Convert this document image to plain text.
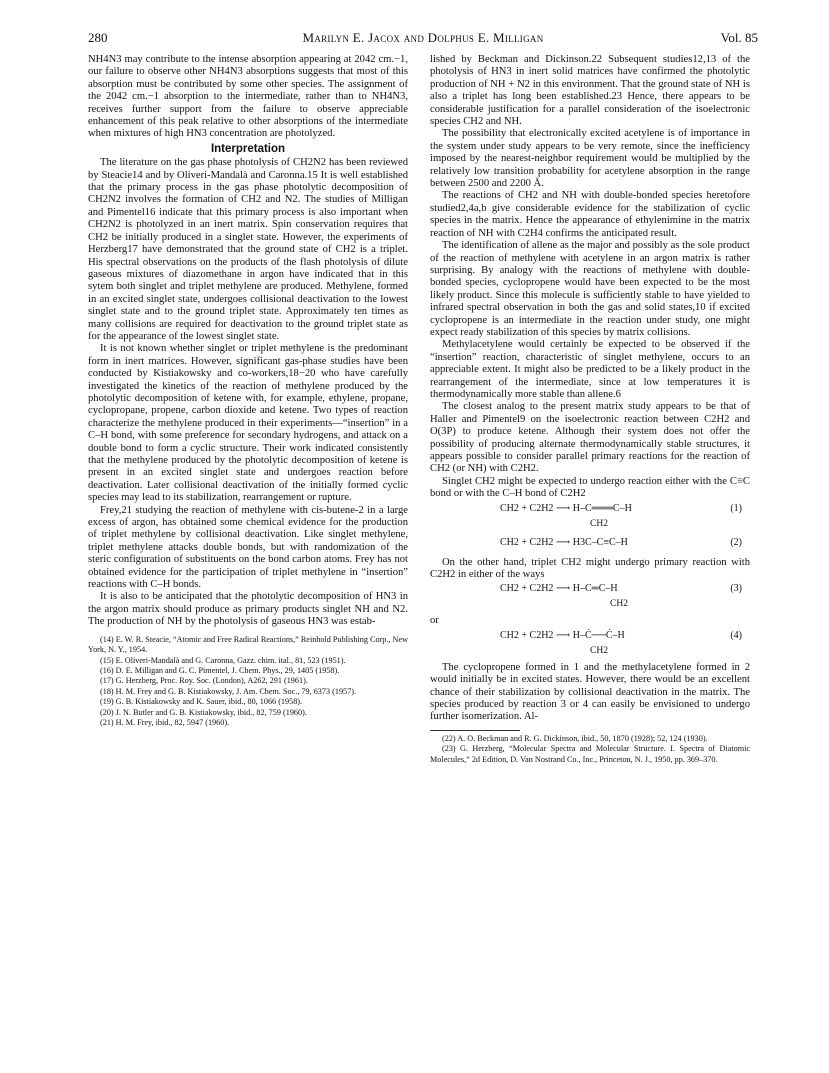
280	Marilyn E. Jacox and Dolphus E. Milligan	Vol. 85

NH4N3 may contribute to the intense absorption appearing at 2042 cm.−1, our failure to observe other NH4N3 absorptions suggests that most of this absorption must be contributed by some other species. The assignment of the 2042 cm.−1 absorption to the intermediate, rather than to NH4N3, receives further support from the failure to observe appreciable enhancement of this peak relative to other absorptions of the intermediate when mixtures of high HN3 concentration are photolyzed.

Interpretation

The literature on the gas phase photolysis of CH2N2 has been reviewed by Steacie14 and by Oliveri-Mandalà and Caronna.15 It is well established that the primary process in the gas phase photolytic decomposition of CH2N2 involves the formation of CH2 and N2. The studies of Milligan and Pimentel16 indicate that this primary process is also important when CH2N2 is photolyzed in an inert matrix. Spin conservation requires that CH2 be initially produced in a singlet state. However, the experiments of Herzberg17 have demonstrated that the ground state of CH2 is a triplet. His spectral observations on the products of the flash photolysis of dilute gaseous mixtures of diazomethane in argon have indicated that in this sytem both singlet and triplet methylene are produced. Methylene, formed in an excited singlet state, undergoes collisional deactivation to the lowest singlet state and to the ground triplet state. Approximately ten times as many collisions are required for deactivation to the ground triplet state as for the appearance of the lowest singlet state.

It is not known whether singlet or triplet methylene is the predominant form in inert matrices. However, significant gas-phase studies have been conducted by Kistiakowsky and co-workers,18−20 who have carefully investigated the kinetics of the reaction of methylene produced by the photolytic decomposition of ketene with, for example, ethylene, propane, cyclopropane, propene, carbon dioxide and ketene. Two types of reaction characterize the methylene produced in their experiments—“insertion” in a C–H bond, with some preference for secondary hydrogens, and attack on a double bond to form a cyclic structure. Their work indicated consistently that the methylene produced by the photolytic decomposition of ketene is present in an excited singlet state and undergoes reaction before deactivation. Later collisional deactivation of the initially formed cyclic species may lead to its stabilization, rearrangement or rupture.

Frey,21 studying the reaction of methylene with cis-butene-2 in a large excess of argon, has obtained some chemical evidence for the production of triplet methylene by collisional deactivation. Like singlet methylene, triplet methylene attacks double bonds, but with randomization of the steric configuration of substituents on the bond carbon atoms. Frey has not obtained evidence for the participation of triplet methylene in “insertion” reactions with C–H bonds.

It is also to be anticipated that the photolytic decomposition of HN3 in the argon matrix should produce as primary products singlet NH and N2. The production of NH by the photolysis of gaseous HN3 was estab-

(14) E. W. R. Steacie, “Atomic and Free Radical Reactions,” Reinhold Publishing Corp., New York, N. Y., 1954.
(15) E. Oliveri-Mandalà and G. Caronna, Gazz. chim. ital., 81, 523 (1951).
(16) D. E. Milligan and G. C. Pimentel, J. Chem. Phys., 29, 1405 (1958).
(17) G. Herzberg, Proc. Roy. Soc. (London), A262, 291 (1961).
(18) H. M. Frey and G. B. Kistiakowsky, J. Am. Chem. Soc., 79, 6373 (1957).
(19) G. B. Kistiakowsky and K. Sauer, ibid., 80, 1066 (1958).
(20) J. N. Butler and G. B. Kistiakowsky, ibid., 82, 759 (1960).
(21) H. M. Frey, ibid., 82, 5947 (1960).

lished by Beckman and Dickinson.22 Subsequent studies12,13 of the photolysis of HN3 in inert solid matrices have confirmed the photolytic production of NH + N2 in this environment. That the ground state of NH is also a triplet has long been established.23 Hence, there appears to be considerable justification for a parallel consideration of the isoelectronic species CH2 and NH.

The possibility that electronically excited acetylene is of importance in the system under study appears to be very remote, since the inefficiency imposed by the nearest-neighbor requirement would be multiplied by the relatively low transition probability for acetylene absorption in the range between 2500 and 2200 Å.

The reactions of CH2 and NH with double-bonded species heretofore studied2,4a,b give considerable evidence for the stabilization of cyclic species in the matrix. Hence the appearance of ethylenimine in the matrix reaction of NH with C2H4 confirms the anticipated result.

The identification of allene as the major and possibly as the sole product of the reaction of methylene with acetylene in an argon matrix is rather surprising. By analogy with the reactions of methylene with double-bonded species, cyclopropene would have been expected to be the most likely product. Since this molecule is sufficiently stable to have yielded to infrared spectral observation in both the gas and solid states,10 if excited cyclopropene is an intermediate in the reaction under study, one might expect ready stabilization of this species by matrix collisions.

Methylacetylene would certainly be expected to be observed if the “insertion” reaction, characteristic of singlet methylene, occurs to an appreciable extent. It might also be predicted to be a likely product in the rearrangement of the intermediate, since at low temperatures it is thermodynamically more stable than allene.6

The closest analog to the present matrix study appears to be that of Haller and Pimentel9 on the isoelectronic reaction between C2H2 and O(3P) to produce ketene. Although their system does not offer the possibility of producing alternate thermodynamically stable structures, it appears possible to consider parallel primary reactions for the reaction of CH2 (or NH) with C2H2.

Singlet CH2 might be expected to undergo reaction either with the C≡C bond or with the C–H bond of C2H2

CH2 + C2H2 ⟶ H–C═══C–H
CH2
(1)
CH2 + C2H2 ⟶ H3C–C≡C–H	(2)

On the other hand, triplet CH2 might undergo primary reaction with C2H2 in either of the ways

CH2 + C2H2 ⟶ H–C═C–H
CH2
(3)
or
CH2 + C2H2 ⟶ H–Ċ──Ċ–H
CH2
(4)

The cyclopropene formed in 1 and the methylacetylene formed in 2 would initially be in excited states. However, there would be an excellent chance of their stabilization by collisional deactivation in the matrix. The species produced by reaction 3 or 4 can easily be envisioned to undergo further isomerization. Al-

(22) A. O. Beckman and R. G. Dickinson, ibid., 50, 1870 (1928); 52, 124 (1930).
(23) G. Herzberg, “Molecular Spectra and Molecular Structure. I. Spectra of Diatomic Molecules,” 2d Edition, D. Van Nostrand Co., Inc., Princeton, N. J., 1950, pp. 369–370.
